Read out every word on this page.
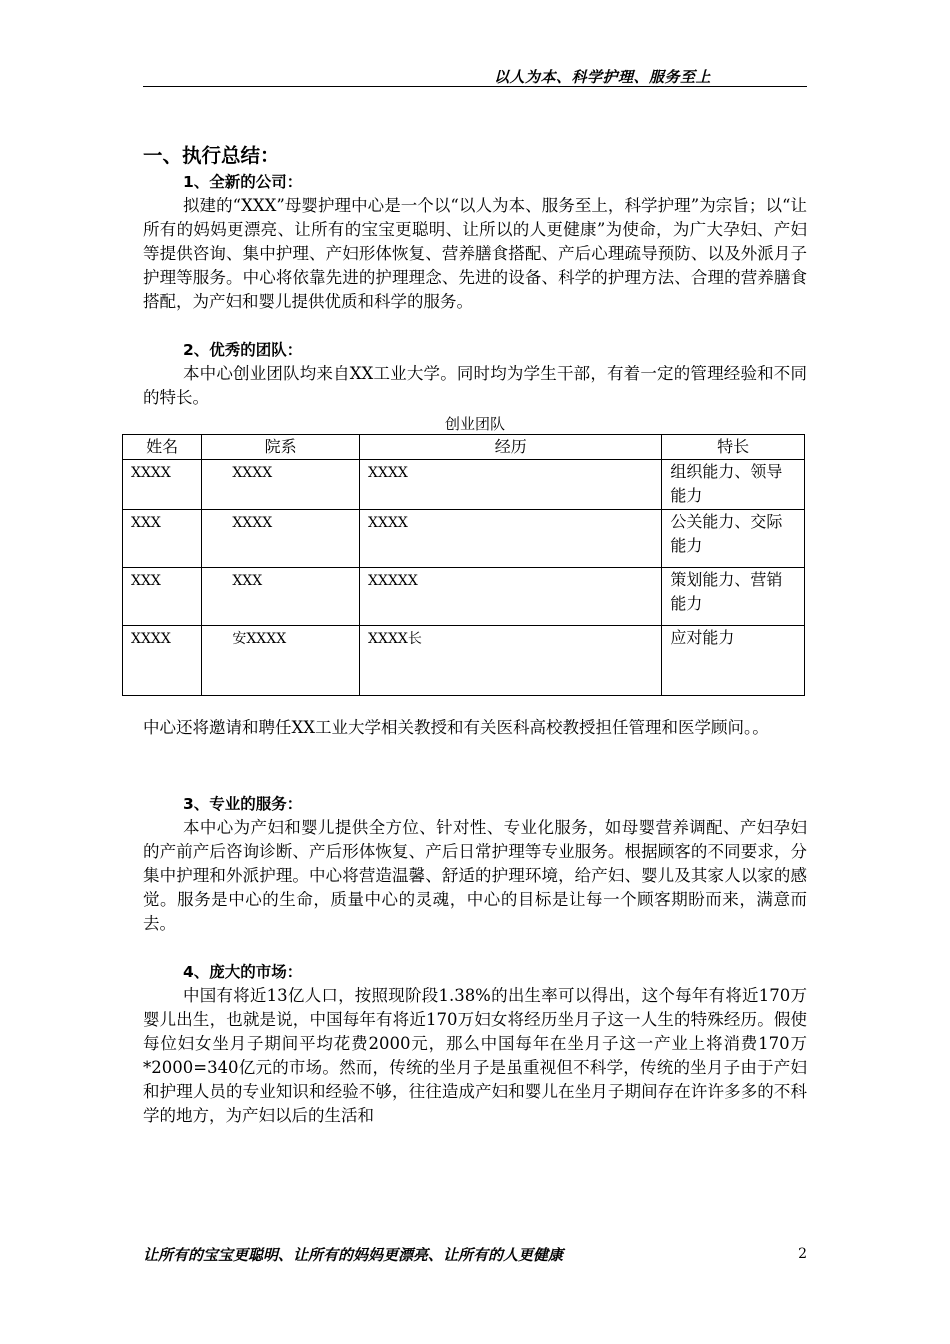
以人为本、科学护理、服务至上
一、执行总结：
1、全新的公司：

拟建的“XXX”母婴护理中心是一个以“以人为本、服务至上，科学护理”为宗旨；以“让所有的妈妈更漂亮、让所有的宝宝更聪明、让所以的人更健康”为使命，为广大孕妇、产妇等提供咨询、集中护理、产妇形体恢复、营养膳食搭配、产后心理疏导预防、以及外派月子护理等服务。中心将依靠先进的护理理念、先进的设备、科学的护理方法、合理的营养膳食搭配，为产妇和婴儿提供优质和科学的服务。

2、优秀的团队：

本中心创业团队均来自XX工业大学。同时均为学生干部，有着一定的管理经验和不同的特长。

创业团队
姓名	院系	经历	特长
XXXX	XXXX	XXXX	组织能力、领导能力
XXX	XXXX	XXXX	公关能力、交际能力
XXX	XXX	XXXXX	策划能力、营销能力
XXXX	安XXXX	XXXX长	应对能力

中心还将邀请和聘任XX工业大学相关教授和有关医科高校教授担任管理和医学顾问。。

3、专业的服务：

本中心为产妇和婴儿提供全方位、针对性、专业化服务，如母婴营养调配、产妇孕妇的产前产后咨询诊断、产后形体恢复、产后日常护理等专业服务。根据顾客的不同要求，分集中护理和外派护理。中心将营造温馨、舒适的护理环境，给产妇、婴儿及其家人以家的感觉。服务是中心的生命，质量中心的灵魂，中心的目标是让每一个顾客期盼而来，满意而去。

4、庞大的市场：

中国有将近13亿人口，按照现阶段1.38%的出生率可以得出，这个每年有将近170万婴儿出生，也就是说，中国每年有将近170万妇女将经历坐月子这一人生的特殊经历。假使每位妇女坐月子期间平均花费2000元，那么中国每年在坐月子这一产业上将消费170万*2000=340亿元的市场。然而，传统的坐月子是虽重视但不科学，传统的坐月子由于产妇和护理人员的专业知识和经验不够，往往造成产妇和婴儿在坐月子期间存在许许多多的不科学的地方，为产妇以后的生活和

让所有的宝宝更聪明、让所有的妈妈更漂亮、让所有的人更健康	2
